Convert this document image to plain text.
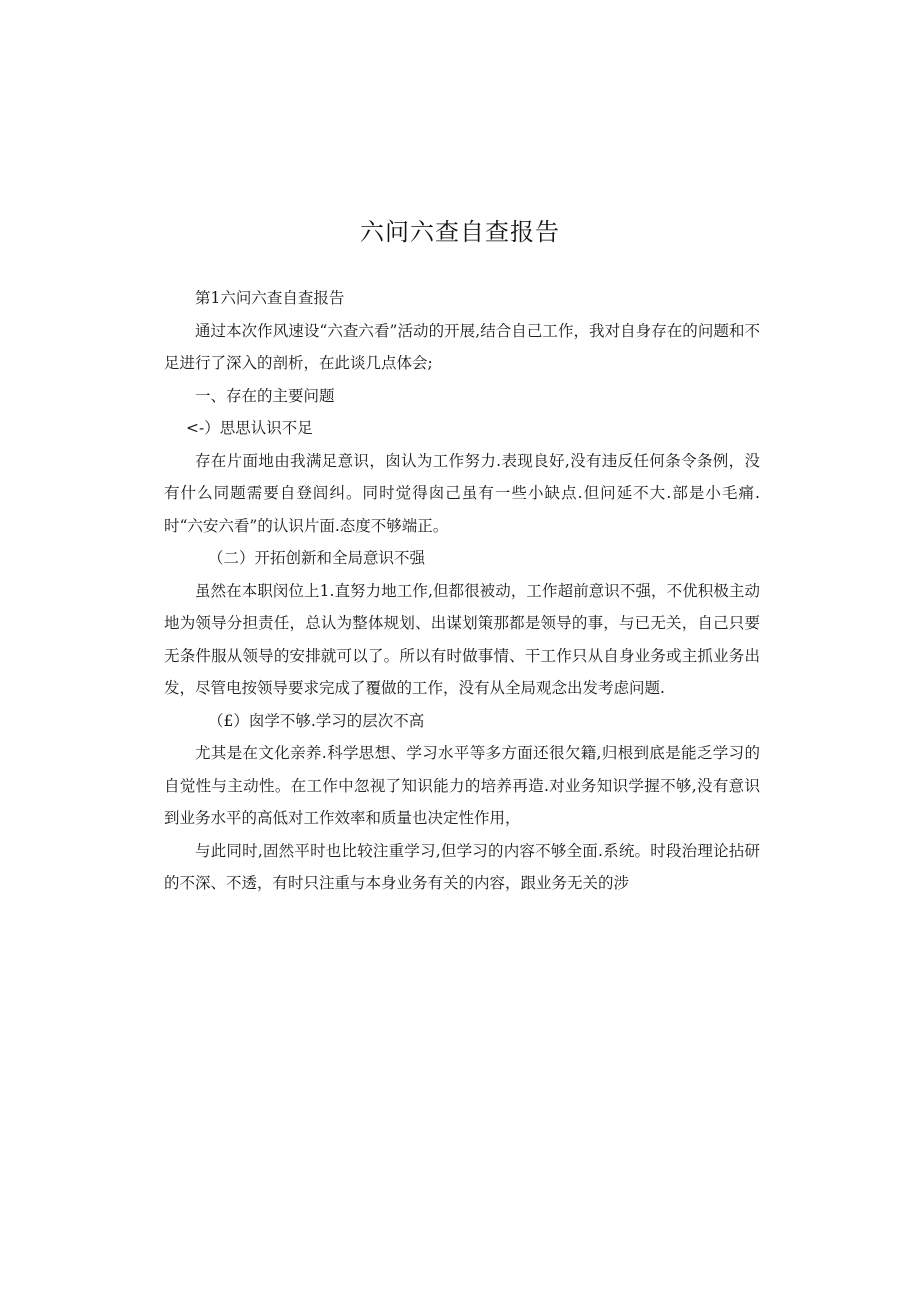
六问六查自查报告

第1六问六查自查报告

通过本次作风速设“六查六看”活动的开展,结合自己工作，我对自身存在的问题和不足进行了深入的剖析，在此谈几点体会;

一、存在的主要问题

<-）思思认识不足

存在片面地由我满足意识，囱认为工作努力.表现良好,没有违反任何条令条例，没有什么同题需要自登闾纠。同时觉得囱己虽有一些小缺点.但问延不大.部是小毛痛.时“六安六看”的认识片面.态度不够端正。

（二）开拓创新和全局意识不强

虽然在本职闵位上1.直努力地工作,但都很被动，工作超前意识不强，不优积极主动地为领导分担责任，总认为整体规划、出谋划策那都是领导的事，与已无关，自己只要无条件服从领导的安排就可以了。所以有时做事情、干工作只从自身业务或主抓业务出发，尽管电按领导要求完成了覆做的工作，没有从全局观念出发考虑问题.

（£）囱学不够.学习的层次不高

尤其是在文化亲养.科学思想、学习水平等多方面还很欠籍,归根到底是能乏学习的自觉性与主动性。在工作中忽视了知识能力的培养再造.对业务知识学握不够,没有意识到业务水平的高低对工作效率和质量也决定性作用，

与此同时,固然平时也比较注重学习,但学习的内容不够全面.系统。时段治理论拈研的不深、不透，有时只注重与本身业务有关的内容，跟业务无关的涉
